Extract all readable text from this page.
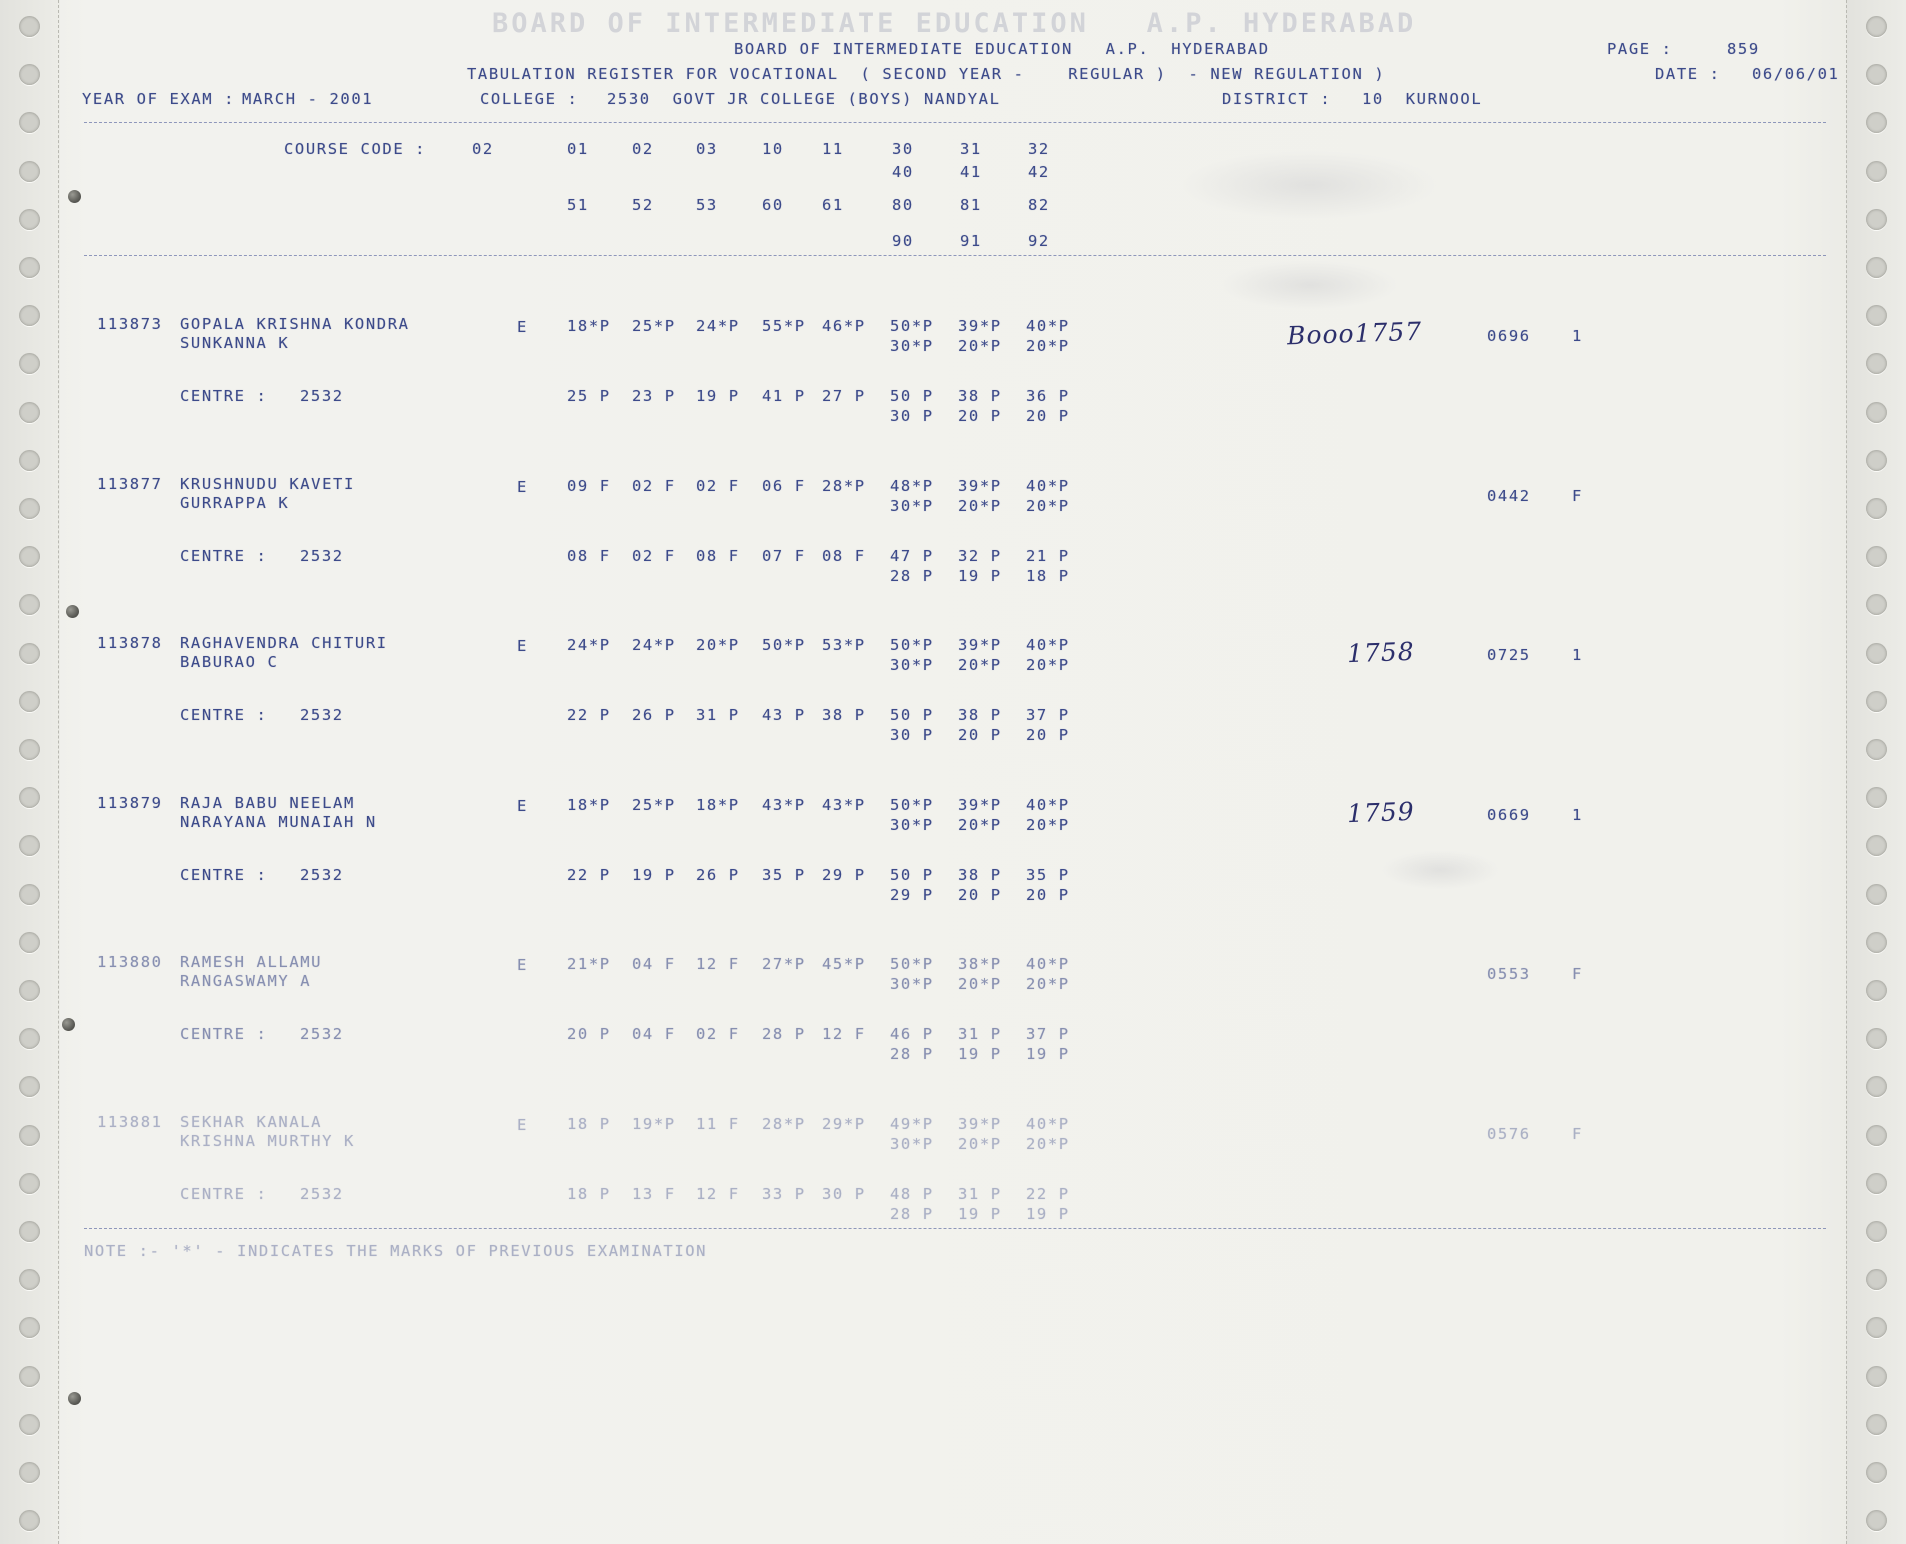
BOARD OF INTERMEDIATE EDUCATION   A.P. HYDERABAD
BOARD OF INTERMEDIATE EDUCATION   A.P.  HYDERABAD	PAGE :	859
TABULATION REGISTER FOR VOCATIONAL  ( SECOND YEAR -    REGULAR )  - NEW REGULATION )	DATE : 06/06/01
YEAR OF EXAM : MARCH - 2001	COLLEGE : 2530  GOVT JR COLLEGE (BOYS) NANDYAL	DISTRICT : 10  KURNOOL
COURSE CODE :	02	01	02	03	10 11	30	31	32
40	41	42
51	52	53	60 61	80	81	82
90	91	92
113873 GOPALA KRISHNA KONDRA
SUNKANNA K
E	18*P 25*P 24*P 55*P 46*P 50*P 39*P 40*P
30*P 20*P 20*P
CENTRE : 2532	25 P 23 P 19 P 41 P 27 P 50 P 38 P 36 P
30 P 20 P 20 P
Booo1757	0696	1
113877 KRUSHNUDU KAVETI
GURRAPPA K
E	09 F 02 F 02 F 06 F 28*P 48*P 39*P 40*P
30*P 20*P 20*P
CENTRE : 2532	08 F 02 F 08 F 07 F 08 F 47 P 32 P 21 P
28 P 19 P 18 P
0442	F
113878 RAGHAVENDRA CHITURI
BABURAO C
E	24*P 24*P 20*P 50*P 53*P 50*P 39*P 40*P
30*P 20*P 20*P
CENTRE : 2532	22 P 26 P 31 P 43 P 38 P 50 P 38 P 37 P
30 P 20 P 20 P
1758	0725	1
113879 RAJA BABU NEELAM
NARAYANA MUNAIAH N
E	18*P 25*P 18*P 43*P 43*P 50*P 39*P 40*P
30*P 20*P 20*P
CENTRE : 2532	22 P 19 P 26 P 35 P 29 P 50 P 38 P 35 P
29 P 20 P 20 P
1759	0669	1
113880 RAMESH ALLAMU
RANGASWAMY A
E	21*P 04 F 12 F 27*P 45*P 50*P 38*P 40*P
30*P 20*P 20*P
CENTRE : 2532	20 P 04 F 02 F 28 P 12 F 46 P 31 P 37 P
28 P 19 P 19 P
0553	F
113881 SEKHAR KANALA
KRISHNA MURTHY K
E	18 P 19*P 11 F 28*P 29*P 49*P 39*P 40*P
30*P 20*P 20*P
CENTRE : 2532	18 P 13 F 12 F 33 P 30 P 48 P 31 P 22 P
28 P 19 P 19 P
0576	F
NOTE :- '*' - INDICATES THE MARKS OF PREVIOUS EXAMINATION
